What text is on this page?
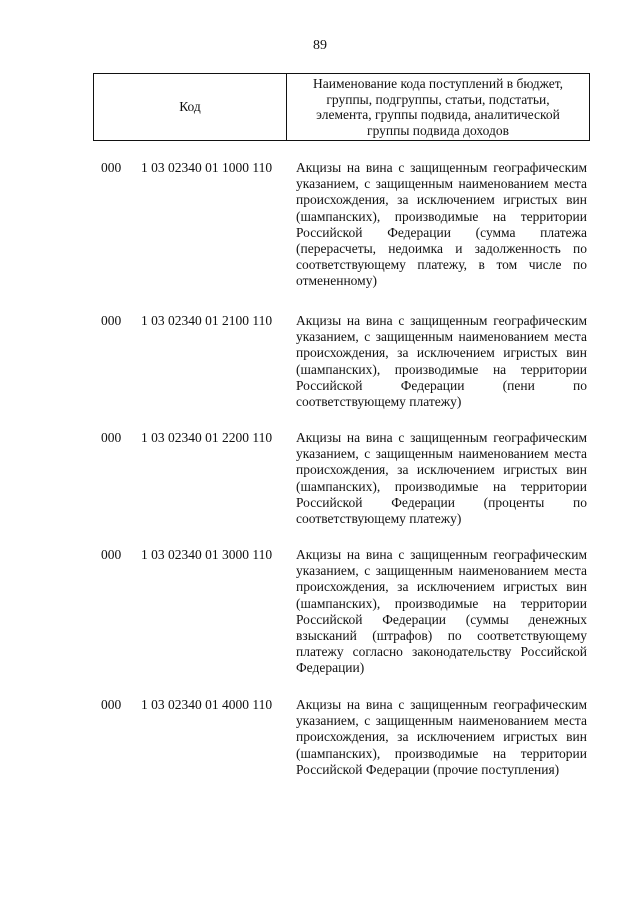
89
Код
Наименование кода поступлений в бюджет, группы, подгруппы, статьи, подстатьи, элемента, группы подвида, аналитической группы подвида доходов
000 1 03 02340 01 1000 110 Акцизы на вина с защищенным географическим указанием, с защищенным наименованием места происхождения, за исключением игристых вин (шампанских), производимые на территории Российской Федерации (сумма платежа (перерасчеты, недоимка и задолженность по соответствующему платежу, в том числе по отмененному)
000 1 03 02340 01 2100 110 Акцизы на вина с защищенным географическим указанием, с защищенным наименованием места происхождения, за исключением игристых вин (шампанских), производимые на территории Российской Федерации (пени по соответствующему платежу)
000 1 03 02340 01 2200 110 Акцизы на вина с защищенным географическим указанием, с защищенным наименованием места происхождения, за исключением игристых вин (шампанских), производимые на территории Российской Федерации (проценты по соответствующему платежу)
000 1 03 02340 01 3000 110 Акцизы на вина с защищенным географическим указанием, с защищенным наименованием места происхождения, за исключением игристых вин (шампанских), производимые на территории Российской Федерации (суммы денежных взысканий (штрафов) по соответствующему платежу согласно законодательству Российской Федерации)
000 1 03 02340 01 4000 110 Акцизы на вина с защищенным географическим указанием, с защищенным наименованием места происхождения, за исключением игристых вин (шампанских), производимые на территории Российской Федерации (прочие поступления)
